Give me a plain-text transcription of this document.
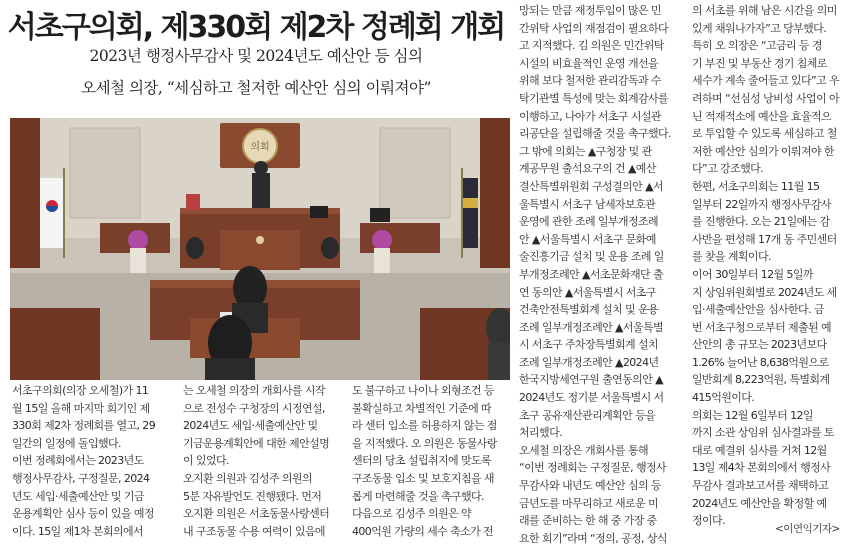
서초구의회, 제330회 제2차 정례회 개회
2023년 행정사무감사 및 2024년도 예산안 등 심의
오세철 의장, “세심하고 철저한 예산안 심의 이뤄져야”
의회

서초구의회(의장 오세철)가 11

월 15일 올해 마지막 회기인 제

330회 제2차 정례회를 열고, 29

일간의 일정에 돌입했다.

이번 정례회에서는 2023년도

행정사무감사, 구정질문, 2024

년도 세입·세출예산안 및 기금

운용계획안 심사 등이 있을 예정

이다. 15일 제1차 본회의에서

는 오세철 의장의 개회사를 시작

으로 전성수 구청장의 시정연설,

2024년도 세입·세출예산안 및

기금운용계획안에 대한 제안설명

이 있었다.

오지환 의원과 김성주 의원의

5분 자유발언도 진행됐다. 먼저

오지환 의원은 서초동물사랑센터

내 구조동물 수용 여력이 있음에

도 불구하고 나이나 외형조건 등

불확실하고 차별적인 기준에 따

라 센터 입소를 허용하지 않는 점

을 지적했다. 오 의원은 동물사랑

센터의 당초 설립취지에 맞도록

구조동물 입소 및 보호지침을 새

롭게 마련해줄 것을 촉구했다.

다음으로 김성주 의원은 약

400억원 가량의 세수 축소가 전

망되는 만큼 재정투입이 많은 민

간위탁 사업의 재점검이 필요하다

고 지적했다. 김 의원은 민간위탁

시설의 비효율적인 운영 개선을

위해 보다 철저한 관리감독과 수

탁기관별 특성에 맞는 회계감사를

이행하고, 나아가 서초구 시설관

리공단을 설립해줄 것을 촉구했다.

그 밖에 의회는 ▲구청장 및 관

계공무원 출석요구의 건 ▲예산

결산특별위원회 구성결의안 ▲서

울특별시 서초구 남세자보호관

운영에 관한 조례 일부개정조례

안 ▲서울특별시 서초구 문화예

술진흥기금 설치 및 운용 조례 일

부개정조례안 ▲서초문화재단 출

연 동의안 ▲서울특별시 서초구

건축안전특별회계 설치 및 운용

조례 일부개정조례안 ▲서울특별

시 서초구 주차장특별회계 설치

조례 일부개정조례안 ▲2024년

한국지방세연구원 출연동의안 ▲

2024년도 정기분 서울특별시 서

초구 공유재산관리계획안 등을

처리했다.

오세철 의장은 개회사를 통해

“이번 정례회는 구정질문, 행정사

무감사와 내년도 예산안 심의 등

금년도를 마무리하고 새로운 미

래를 준비하는 한 해 중 가장 중

요한 회기”라며 “정의, 공정, 상식

의 서초를 위해 남은 시간을 의미

있게 채워나가자”고 당부했다.

특히 오 의장은 “고금리 등 경

기 부진 및 부동산 경기 침체로

세수가 계속 줄어들고 있다”고 우

려하며 “선심성 낭비성 사업이 아

닌 적재적소에 예산을 효율적으

로 투입할 수 있도록 세심하고 철

저한 예산안 심의가 이뤄져야 한

다”고 강조했다.

한편, 서초구의회는 11월 15

일부터 22일까지 행정사무감사

를 진행한다. 오는 21일에는 감

사반을 편성해 17개 동 주민센터

를 찾을 계획이다.

이어 30일부터 12월 5일까

지 상임위원회별로 2024년도 세

입·세출예산안을 심사한다. 금

번 서초구청으로부터 제출된 예

산안의 총 규모는 2023년보다

1.26% 늘어난 8,638억원으로

일반회계 8,223억원, 특별회계

415억원이다.

의회는 12월 6일부터 12일

까지 소관 상임위 심사결과를 토

대로 예결위 심사를 거쳐 12월

13일 제4차 본회의에서 행정사

무감사 결과보고서를 채택하고

2024년도 예산안을 확정할 예

정이다.

<이연익기자>
